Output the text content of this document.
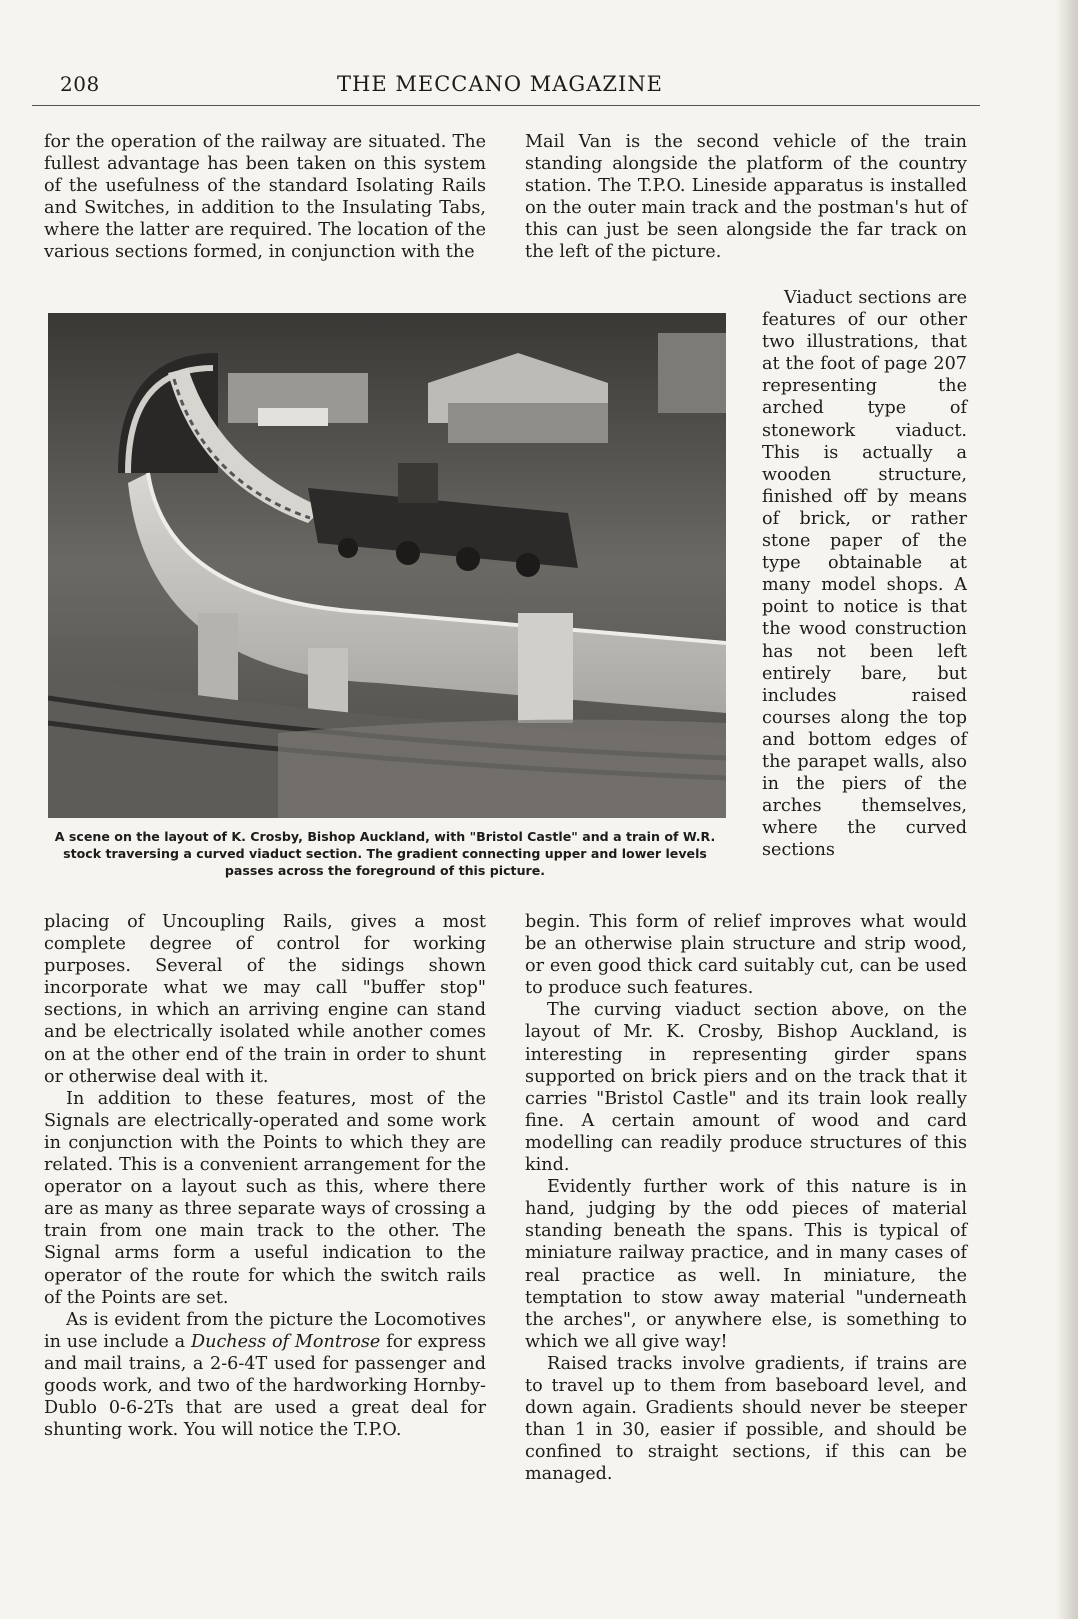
208	THE MECCANO MAGAZINE

for the operation of the railway are situated. The fullest advantage has been taken on this system of the usefulness of the standard Isolating Rails and Switches, in addition to the Insulating Tabs, where the latter are required. The location of the various sections formed, in conjunction with the

Mail Van is the second vehicle of the train standing alongside the platform of the country station. The T.P.O. Lineside apparatus is installed on the outer main track and the postman's hut of this can just be seen alongside the far track on the left of the picture.

Viaduct sections are features of our other two illustrations, that at the foot of page 207 representing the arched type of stonework viaduct. This is actually a wooden structure, finished off by means of brick, or rather stone paper of the type obtainable at many model shops. A point to notice is that the wood construction has not been left entirely bare, but includes raised courses along the top and bottom edges of the parapet walls, also in the piers of the arches themselves, where the curved sections

A scene on the layout of K. Crosby, Bishop Auckland, with "Bristol Castle" and a train of W.R. stock traversing a curved viaduct section. The gradient connecting upper and lower levels passes across the foreground of this picture.

placing of Uncoupling Rails, gives a most complete degree of control for working purposes. Several of the sidings shown incorporate what we may call "buffer stop" sections, in which an arriving engine can stand and be electrically isolated while another comes on at the other end of the train in order to shunt or otherwise deal with it.

In addition to these features, most of the Signals are electrically-operated and some work in conjunction with the Points to which they are related. This is a convenient arrangement for the operator on a layout such as this, where there are as many as three separate ways of crossing a train from one main track to the other. The Signal arms form a useful indication to the operator of the route for which the switch rails of the Points are set.

As is evident from the picture the Locomotives in use include a Duchess of Montrose for express and mail trains, a 2-6-4T used for passenger and goods work, and two of the hardworking Hornby-Dublo 0-6-2Ts that are used a great deal for shunting work. You will notice the T.P.O.

begin. This form of relief improves what would be an otherwise plain structure and strip wood, or even good thick card suitably cut, can be used to produce such features.

The curving viaduct section above, on the layout of Mr. K. Crosby, Bishop Auckland, is interesting in representing girder spans supported on brick piers and on the track that it carries "Bristol Castle" and its train look really fine. A certain amount of wood and card modelling can readily produce structures of this kind.

Evidently further work of this nature is in hand, judging by the odd pieces of material standing beneath the spans. This is typical of miniature railway practice, and in many cases of real practice as well. In miniature, the temptation to stow away material "underneath the arches", or anywhere else, is something to which we all give way!

Raised tracks involve gradients, if trains are to travel up to them from baseboard level, and down again. Gradients should never be steeper than 1 in 30, easier if possible, and should be confined to straight sections, if this can be managed.
